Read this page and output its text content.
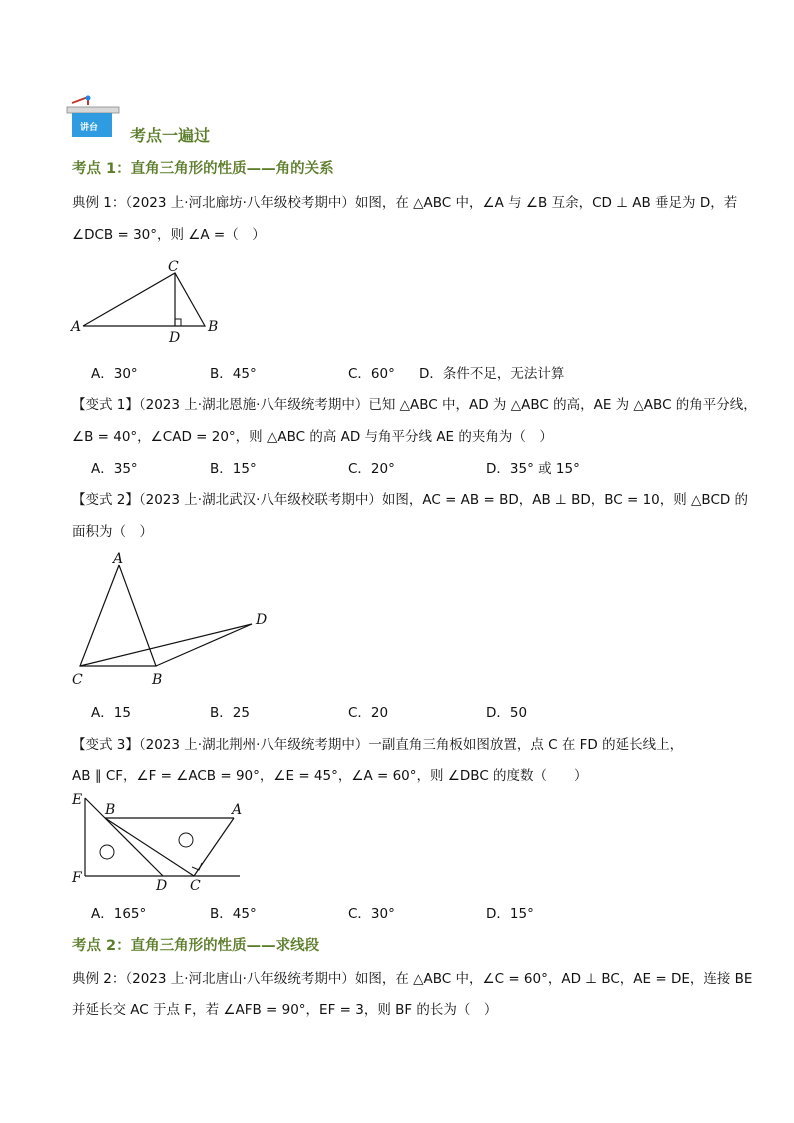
讲台 考点一遍过
考点 1：直角三角形的性质——角的关系
典例 1：（2023 上·河北廊坊·八年级校考期中）如图，在 △ABC 中，∠A 与 ∠B 互余，CD ⊥ AB 垂足为 D，若
∠DCB = 30°，则 ∠A =（　）
C
A
D
B
A．30°	B．45°	C．60° D．条件不足，无法计算
【变式 1】（2023 上·湖北恩施·八年级统考期中）已知 △ABC 中，AD 为 △ABC 的高，AE 为 △ABC 的角平分线，
∠B = 40°，∠CAD = 20°，则 △ABC 的高 AD 与角平分线 AE 的夹角为（　）
A．35°	B．15°	C．20°	D．35° 或 15°
【变式 2】（2023 上·湖北武汉·八年级校联考期中）如图，AC = AB = BD，AB ⊥ BD，BC = 10，则 △BCD 的
面积为（　）
A
D
C	B
A．15	B．25	C．20	D．50
【变式 3】（2023 上·湖北荆州·八年级统考期中）一副直角三角板如图放置，点 C 在 FD 的延长线上，
AB ∥ CF，∠F = ∠ACB = 90°，∠E = 45°，∠A = 60°，则 ∠DBC 的度数（　　）
E
B	A
F	D C
A．165°	B．45°	C．30°	D．15°
考点 2：直角三角形的性质——求线段
典例 2：（2023 上·河北唐山·八年级统考期中）如图，在 △ABC 中，∠C = 60°，AD ⊥ BC，AE = DE，连接 BE
并延长交 AC 于点 F，若 ∠AFB = 90°，EF = 3，则 BF 的长为（　）
